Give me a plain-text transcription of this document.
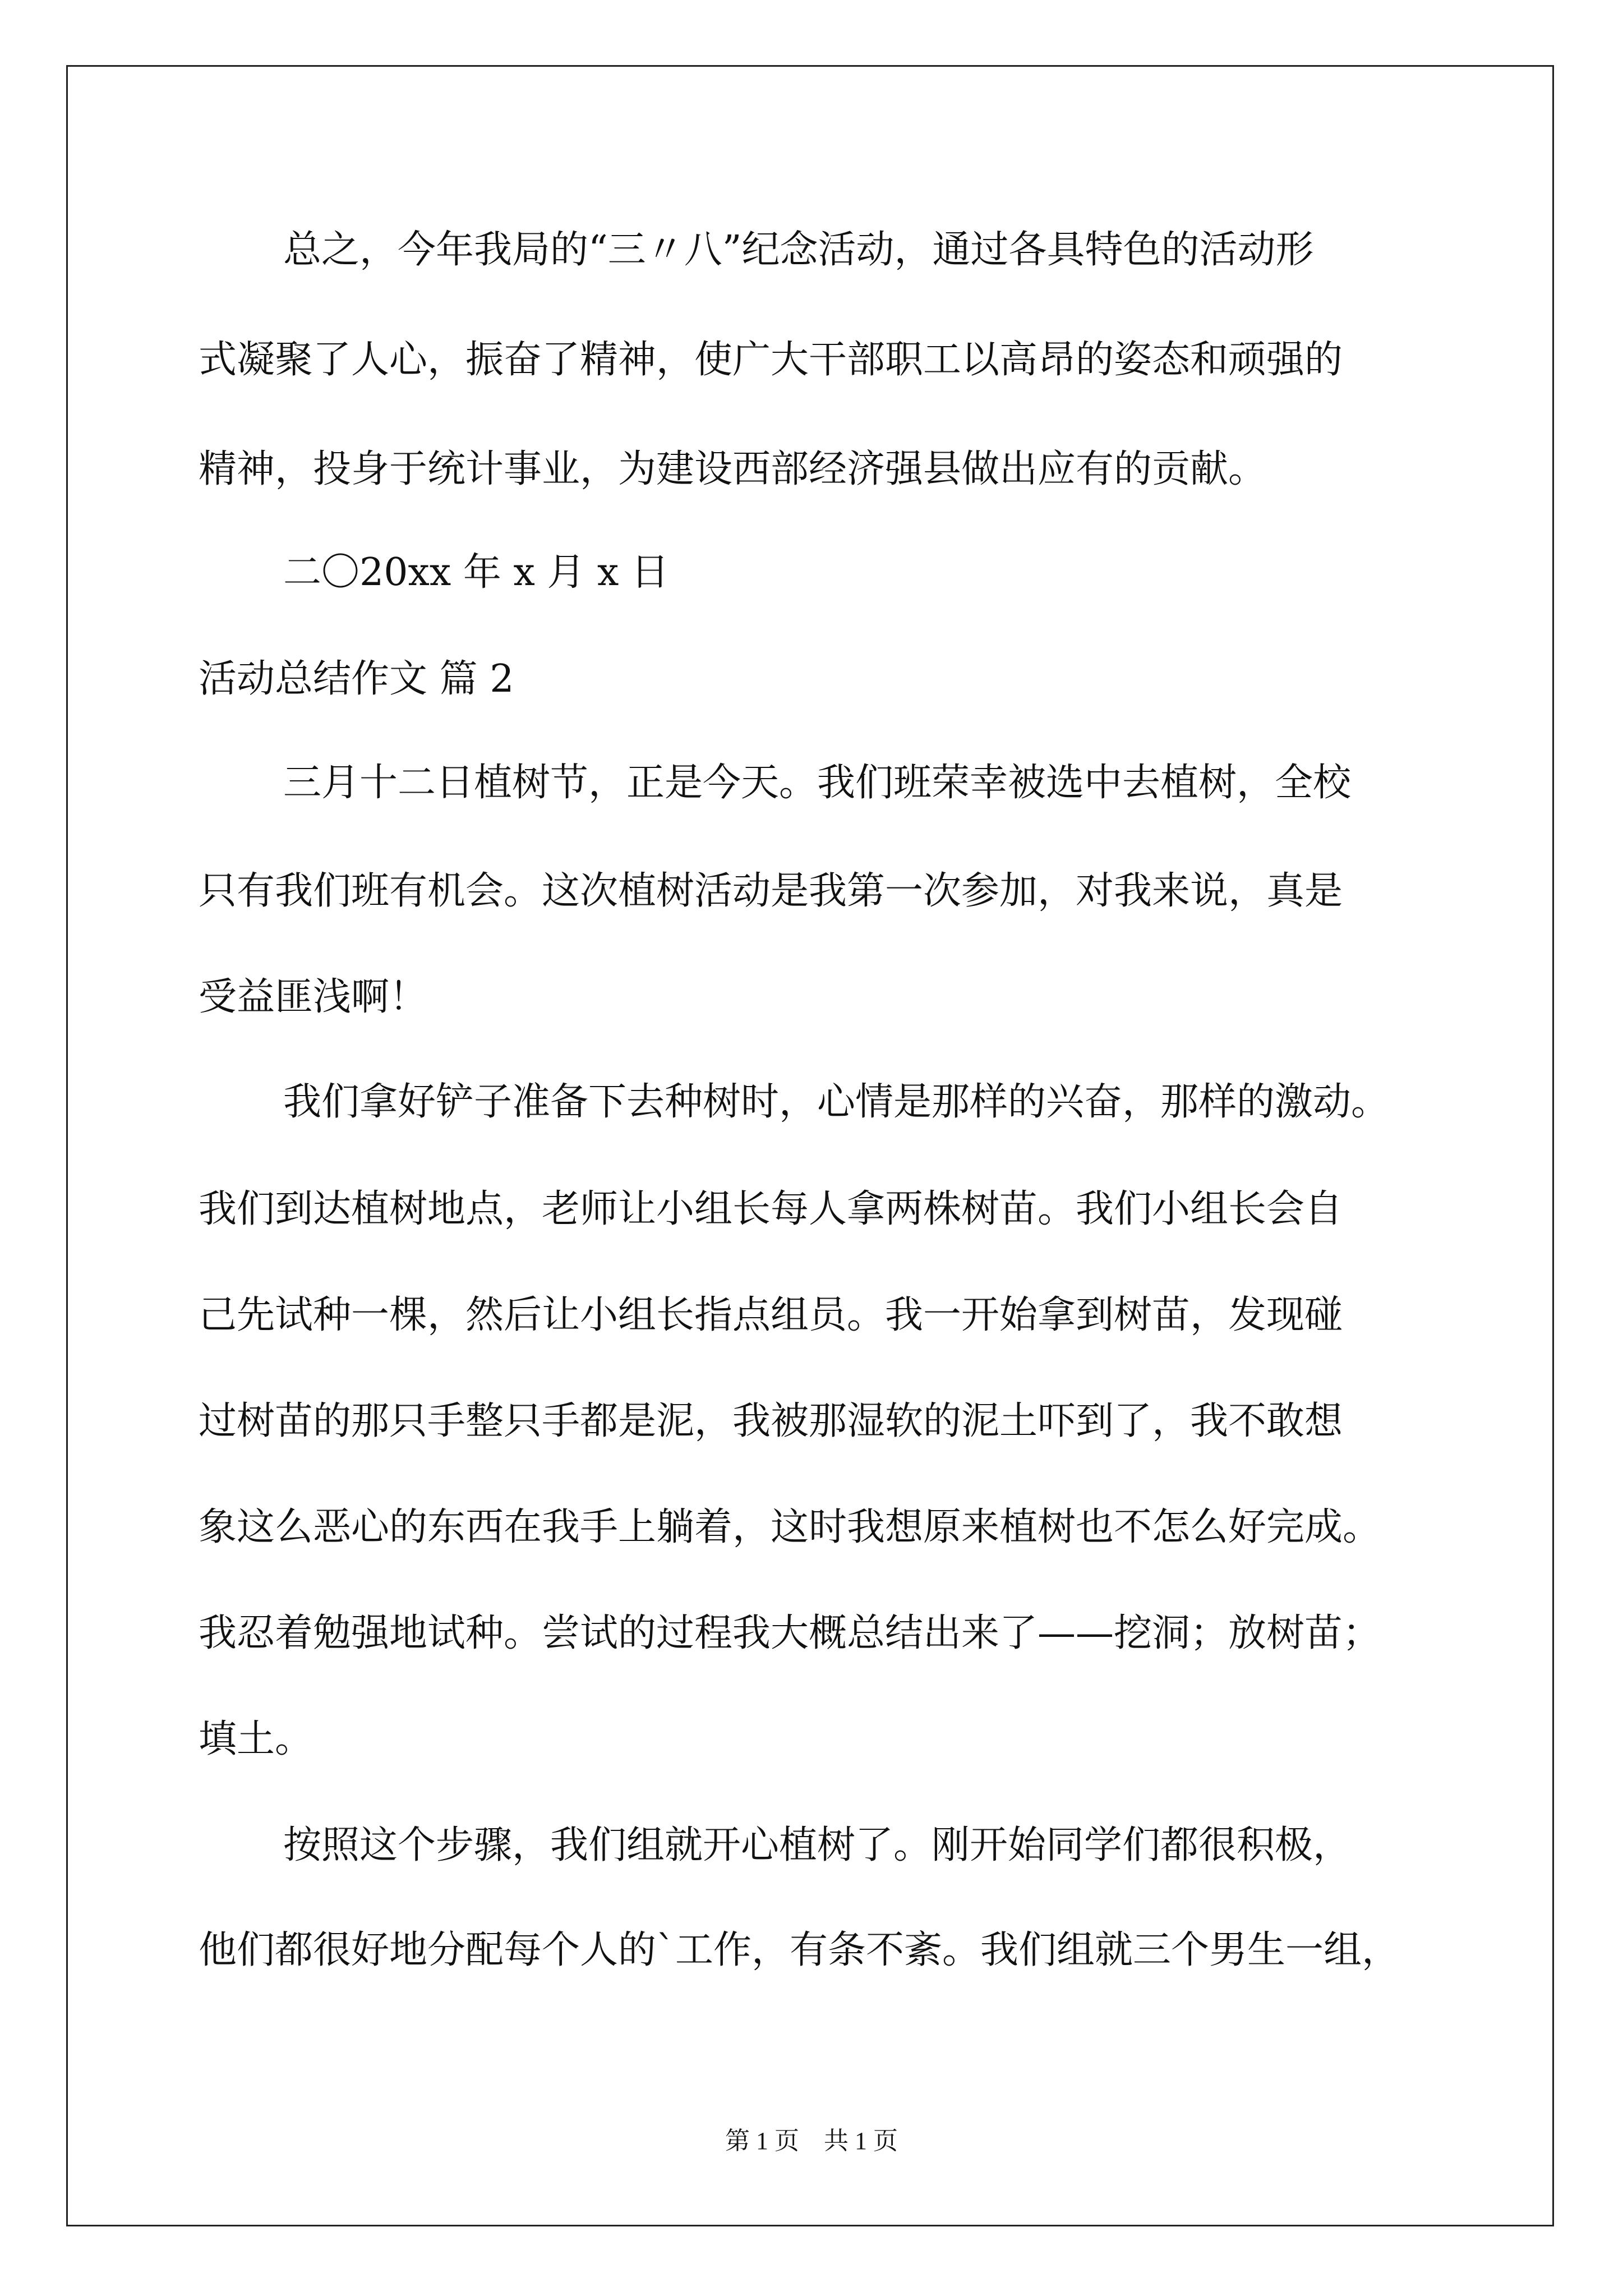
总之，今年我局的“三〃八”纪念活动，通过各具特色的活动形
式凝聚了人心，振奋了精神，使广大干部职工以高昂的姿态和顽强的
精神，投身于统计事业，为建设西部经济强县做出应有的贡献。
二〇20xx 年 x 月 x 日
活动总结作文 篇 2
三月十二日植树节，正是今天。我们班荣幸被选中去植树，全校
只有我们班有机会。这次植树活动是我第一次参加，对我来说，真是
受益匪浅啊！
我们拿好铲子准备下去种树时，心情是那样的兴奋，那样的激动。
我们到达植树地点，老师让小组长每人拿两株树苗。我们小组长会自
己先试种一棵，然后让小组长指点组员。我一开始拿到树苗，发现碰
过树苗的那只手整只手都是泥，我被那湿软的泥土吓到了，我不敢想
象这么恶心的东西在我手上躺着，这时我想原来植树也不怎么好完成。
我忍着勉强地试种。尝试的过程我大概总结出来了——挖洞；放树苗；
填土。
按照这个步骤，我们组就开心植树了。刚开始同学们都很积极，
他们都很好地分配每个人的`工作，有条不紊。我们组就三个男生一组，
第 1 页　共 1 页
